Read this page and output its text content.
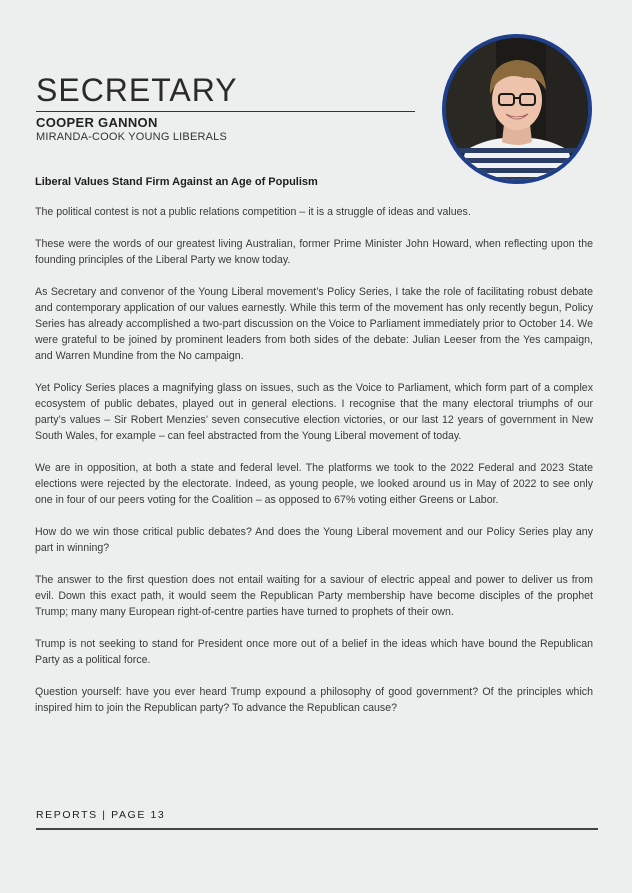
SECRETARY
COOPER GANNON
MIRANDA-COOK YOUNG LIBERALS
Liberal Values Stand Firm Against an Age of Populism

The political contest is not a public relations competition – it is a struggle of ideas and values.

These were the words of our greatest living Australian, former Prime Minister John Howard, when reflecting upon the founding principles of the Liberal Party we know today.

As Secretary and convenor of the Young Liberal movement’s Policy Series, I take the role of facilitating robust debate and contemporary application of our values earnestly. While this term of the movement has only recently begun, Policy Series has already accomplished a two-part discussion on the Voice to Parliament immediately prior to October 14. We were grateful to be joined by prominent leaders from both sides of the debate: Julian Leeser from the Yes campaign, and Warren Mundine from the No campaign.

Yet Policy Series places a magnifying glass on issues, such as the Voice to Parliament, which form part of a complex ecosystem of public debates, played out in general elections. I recognise that the many electoral triumphs of our party’s values – Sir Robert Menzies’ seven consecutive election victories, or our last 12 years of government in New South Wales, for example – can feel abstracted from the Young Liberal movement of today.

We are in opposition, at both a state and federal level. The platforms we took to the 2022 Federal and 2023 State elections were rejected by the electorate. Indeed, as young people, we looked around us in May of 2022 to see only one in four of our peers voting for the Coalition – as opposed to 67% voting either Greens or Labor.

How do we win those critical public debates? And does the Young Liberal movement and our Policy Series play any part in winning?

The answer to the first question does not entail waiting for a saviour of electric appeal and power to deliver us from evil. Down this exact path, it would seem the Republican Party membership have become disciples of the prophet Trump; many many European right-of-centre parties have turned to prophets of their own.

Trump is not seeking to stand for President once more out of a belief in the ideas which have bound the Republican Party as a political force.

Question yourself: have you ever heard Trump expound a philosophy of good government? Of the principles which inspired him to join the Republican party? To advance the Republican cause?

REPORTS | PAGE 13
